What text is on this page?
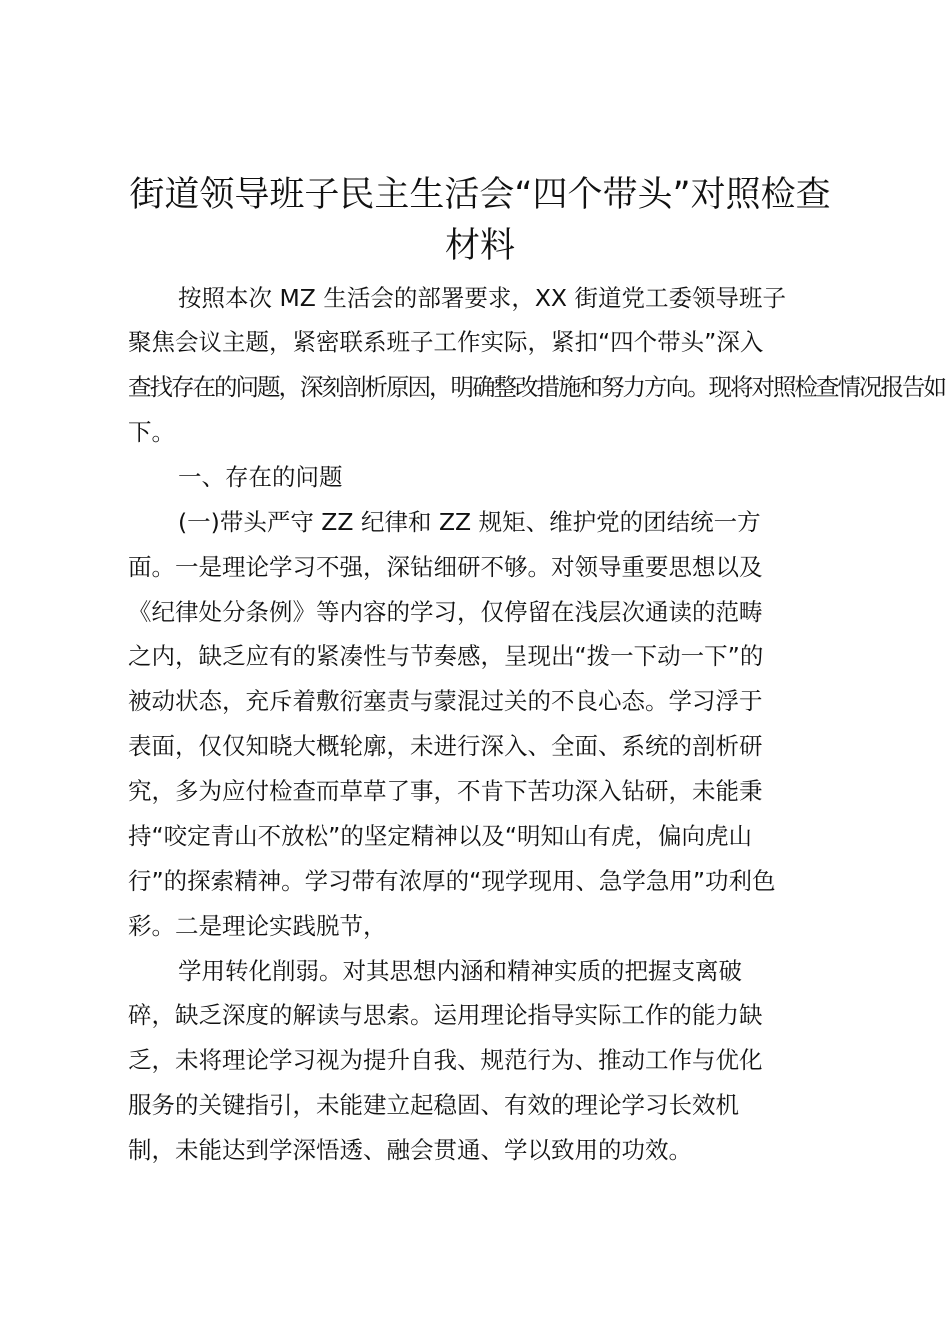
街道领导班子民主生活会“四个带头”对照检查
材料

按照本次 MZ 生活会的部署要求，XX 街道党工委领导班子

聚焦会议主题，紧密联系班子工作实际，紧扣“四个带头”深入

查找存在的问题，深刻剖析原因，明确整改措施和努力方向。现将对照检查情况报告如

下。

一、存在的问题

(一)带头严守 ZZ 纪律和 ZZ 规矩、维护党的团结统一方

面。一是理论学习不强，深钻细研不够。对领导重要思想以及

《纪律处分条例》等内容的学习，仅停留在浅层次通读的范畴

之内，缺乏应有的紧凑性与节奏感，呈现出“拨一下动一下”的

被动状态，充斥着敷衍塞责与蒙混过关的不良心态。学习浮于

表面，仅仅知晓大概轮廓，未进行深入、全面、系统的剖析研

究，多为应付检查而草草了事，不肯下苦功深入钻研，未能秉

持“咬定青山不放松”的坚定精神以及“明知山有虎，偏向虎山

行”的探索精神。学习带有浓厚的“现学现用、急学急用”功利色

彩。二是理论实践脱节，

学用转化削弱。对其思想内涵和精神实质的把握支离破

碎，缺乏深度的解读与思索。运用理论指导实际工作的能力缺

乏，未将理论学习视为提升自我、规范行为、推动工作与优化

服务的关键指引，未能建立起稳固、有效的理论学习长效机

制，未能达到学深悟透、融会贯通、学以致用的功效。
